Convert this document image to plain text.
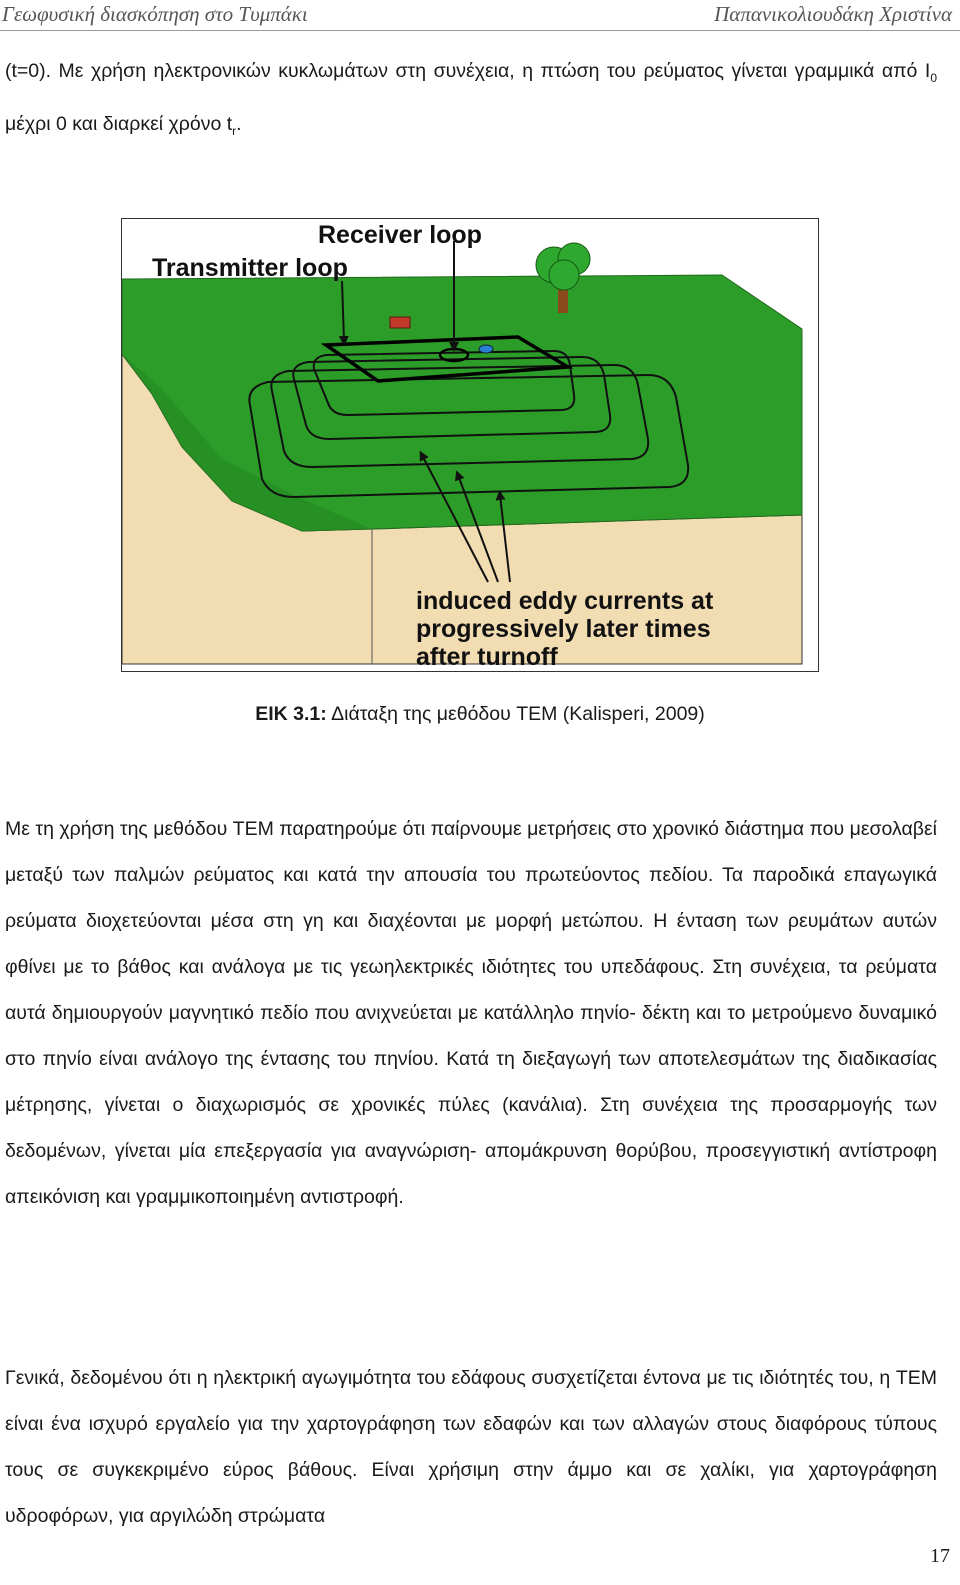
Γεωφυσική διασκόπηση στο Τυμπάκι	Παπανικολιουδάκη Χριστίνα

(t=0). Με χρήση ηλεκτρονικών κυκλωμάτων στη συνέχεια, η πτώση του ρεύματος γίνεται γραμμικά από $I_0$ μέχρι 0 και διαρκεί χρόνο $t_r$.

Receiver loop
Transmitter loop
induced eddy currents at
progressively later times
after turnoff
ΕΙΚ 3.1: Διάταξη της μεθόδου TEM (Kalisperi, 2009)

Με τη χρήση της μεθόδου TEM παρατηρούμε ότι παίρνουμε μετρήσεις στο χρονικό διάστημα που μεσολαβεί μεταξύ των παλμών ρεύματος και κατά την απουσία του πρωτεύοντος πεδίου. Τα παροδικά επαγωγικά ρεύματα διοχετεύονται μέσα στη γη και διαχέονται με μορφή μετώπου. Η ένταση των ρευμάτων αυτών φθίνει με το βάθος και ανάλογα με τις γεωηλεκτρικές ιδιότητες του υπεδάφους. Στη συνέχεια, τα ρεύματα αυτά δημιουργούν μαγνητικό πεδίο που ανιχνεύεται με κατάλληλο πηνίο- δέκτη και το μετρούμενο δυναμικό στο πηνίο είναι ανάλογο της έντασης του πηνίου. Κατά τη διεξαγωγή των αποτελεσμάτων της διαδικασίας μέτρησης, γίνεται ο διαχωρισμός σε χρονικές πύλες (κανάλια). Στη συνέχεια της προσαρμογής των δεδομένων, γίνεται μία επεξεργασία για αναγνώριση- απομάκρυνση θορύβου, προσεγγιστική αντίστροφη απεικόνιση και γραμμικοποιημένη αντιστροφή.

Γενικά, δεδομένου ότι η ηλεκτρική αγωγιμότητα του εδάφους συσχετίζεται έντονα με τις ιδιότητές του, η TEM είναι ένα ισχυρό εργαλείο για την χαρτογράφηση των εδαφών και των αλλαγών στους διαφόρους τύπους τους σε συγκεκριμένο εύρος βάθους. Είναι χρήσιμη στην άμμο και σε χαλίκι, για χαρτογράφηση υδροφόρων, για αργιλώδη στρώματα

17
